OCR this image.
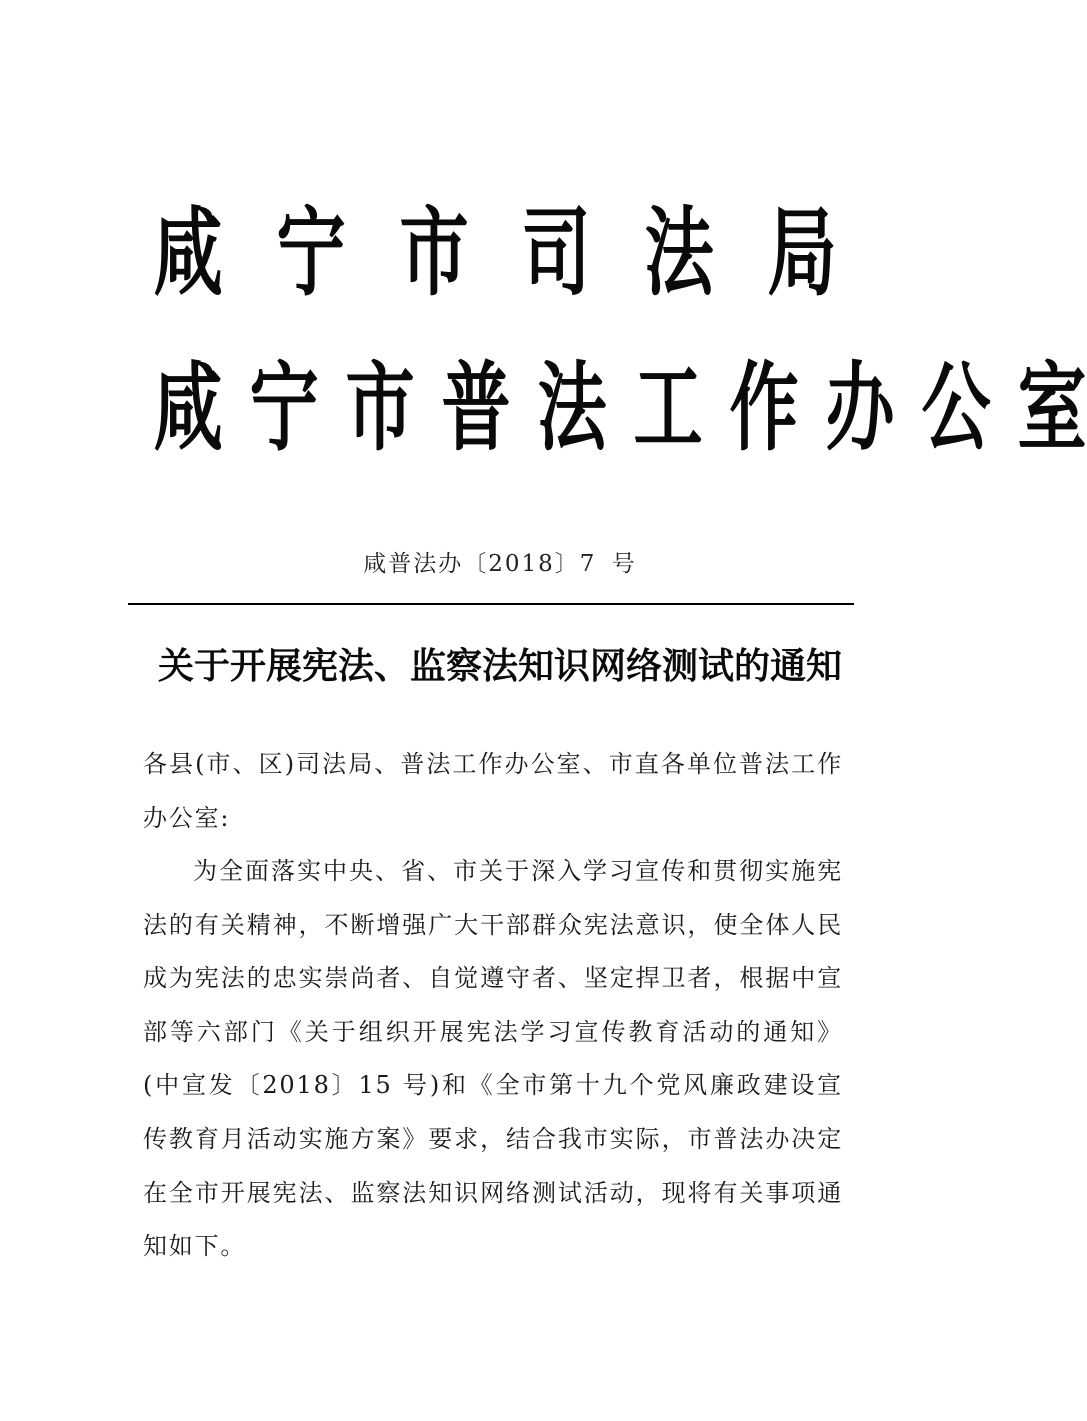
咸 宁 市 司 法 局
咸 宁 市 普 法 工 作 办 公 室
咸普法办〔2018〕7 号
关于开展宪法、监察法知识网络测试的通知
各县(市、区)司法局、普法工作办公室、市直各单位普法工作办公室:
为全面落实中央、省、市关于深入学习宣传和贯彻实施宪法的有关精神，不断增强广大干部群众宪法意识，使全体人民成为宪法的忠实崇尚者、自觉遵守者、坚定捍卫者，根据中宣部等六部门《关于组织开展宪法学习宣传教育活动的通知》(中宣发〔2018〕15 号)和《全市第十九个党风廉政建设宣传教育月活动实施方案》要求，结合我市实际，市普法办决定在全市开展宪法、监察法知识网络测试活动，现将有关事项通知如下。
